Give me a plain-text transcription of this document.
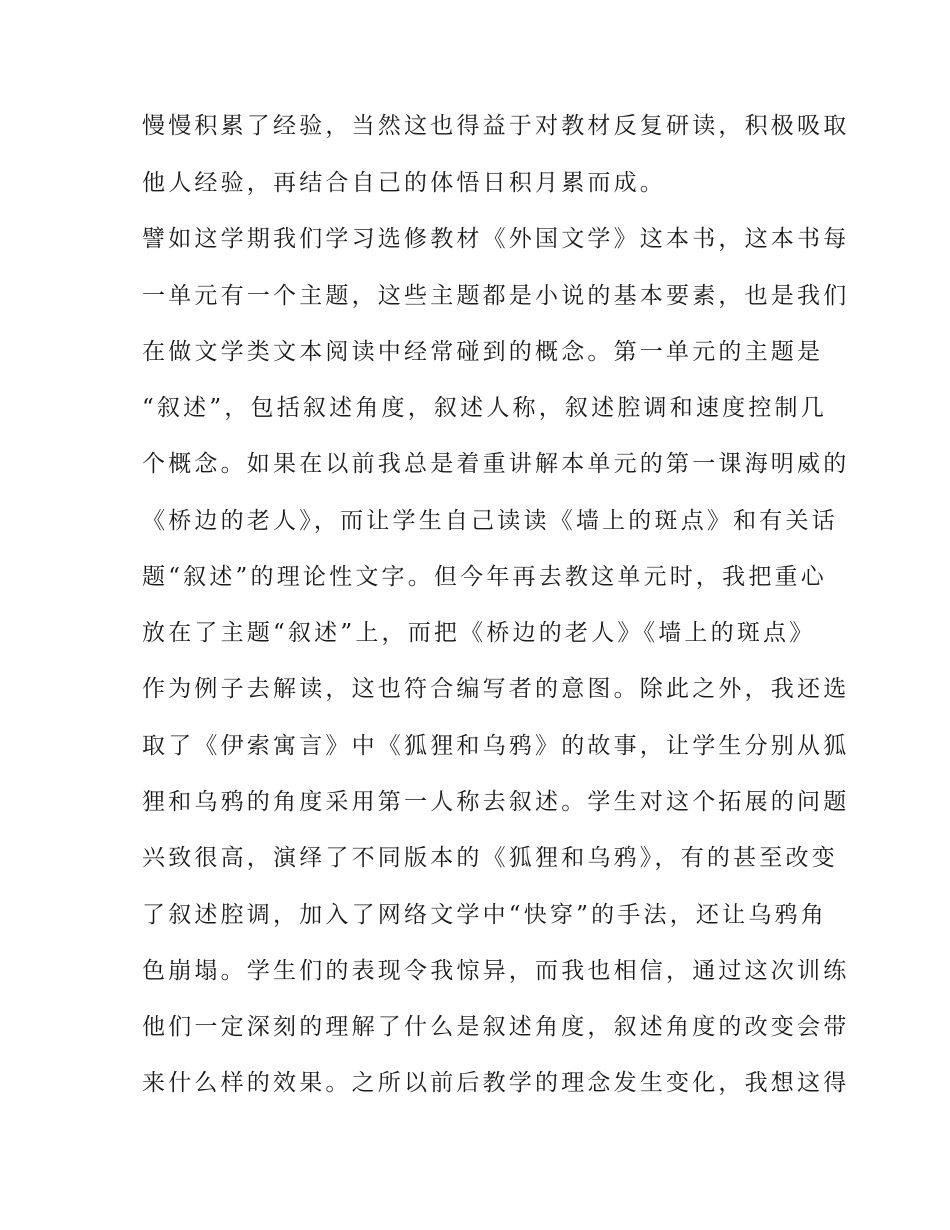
慢慢积累了经验，当然这也得益于对教材反复研读，积极吸取
他人经验，再结合自己的体悟日积月累而成。
譬如这学期我们学习选修教材《外国文学》这本书，这本书每
一单元有一个主题，这些主题都是小说的基本要素，也是我们
在做文学类文本阅读中经常碰到的概念。第一单元的主题是
“叙述”，包括叙述角度，叙述人称，叙述腔调和速度控制几
个概念。如果在以前我总是着重讲解本单元的第一课海明威的
《桥边的老人》，而让学生自己读读《墙上的斑点》和有关话
题“叙述”的理论性文字。但今年再去教这单元时，我把重心
放在了主题“叙述”上，而把《桥边的老人》《墙上的斑点》
作为例子去解读，这也符合编写者的意图。除此之外，我还选
取了《伊索寓言》中《狐狸和乌鸦》的故事，让学生分别从狐
狸和乌鸦的角度采用第一人称去叙述。学生对这个拓展的问题
兴致很高，演绎了不同版本的《狐狸和乌鸦》，有的甚至改变
了叙述腔调，加入了网络文学中“快穿”的手法，还让乌鸦角
色崩塌。学生们的表现令我惊异，而我也相信，通过这次训练
他们一定深刻的理解了什么是叙述角度，叙述角度的改变会带
来什么样的效果。之所以前后教学的理念发生变化，我想这得
